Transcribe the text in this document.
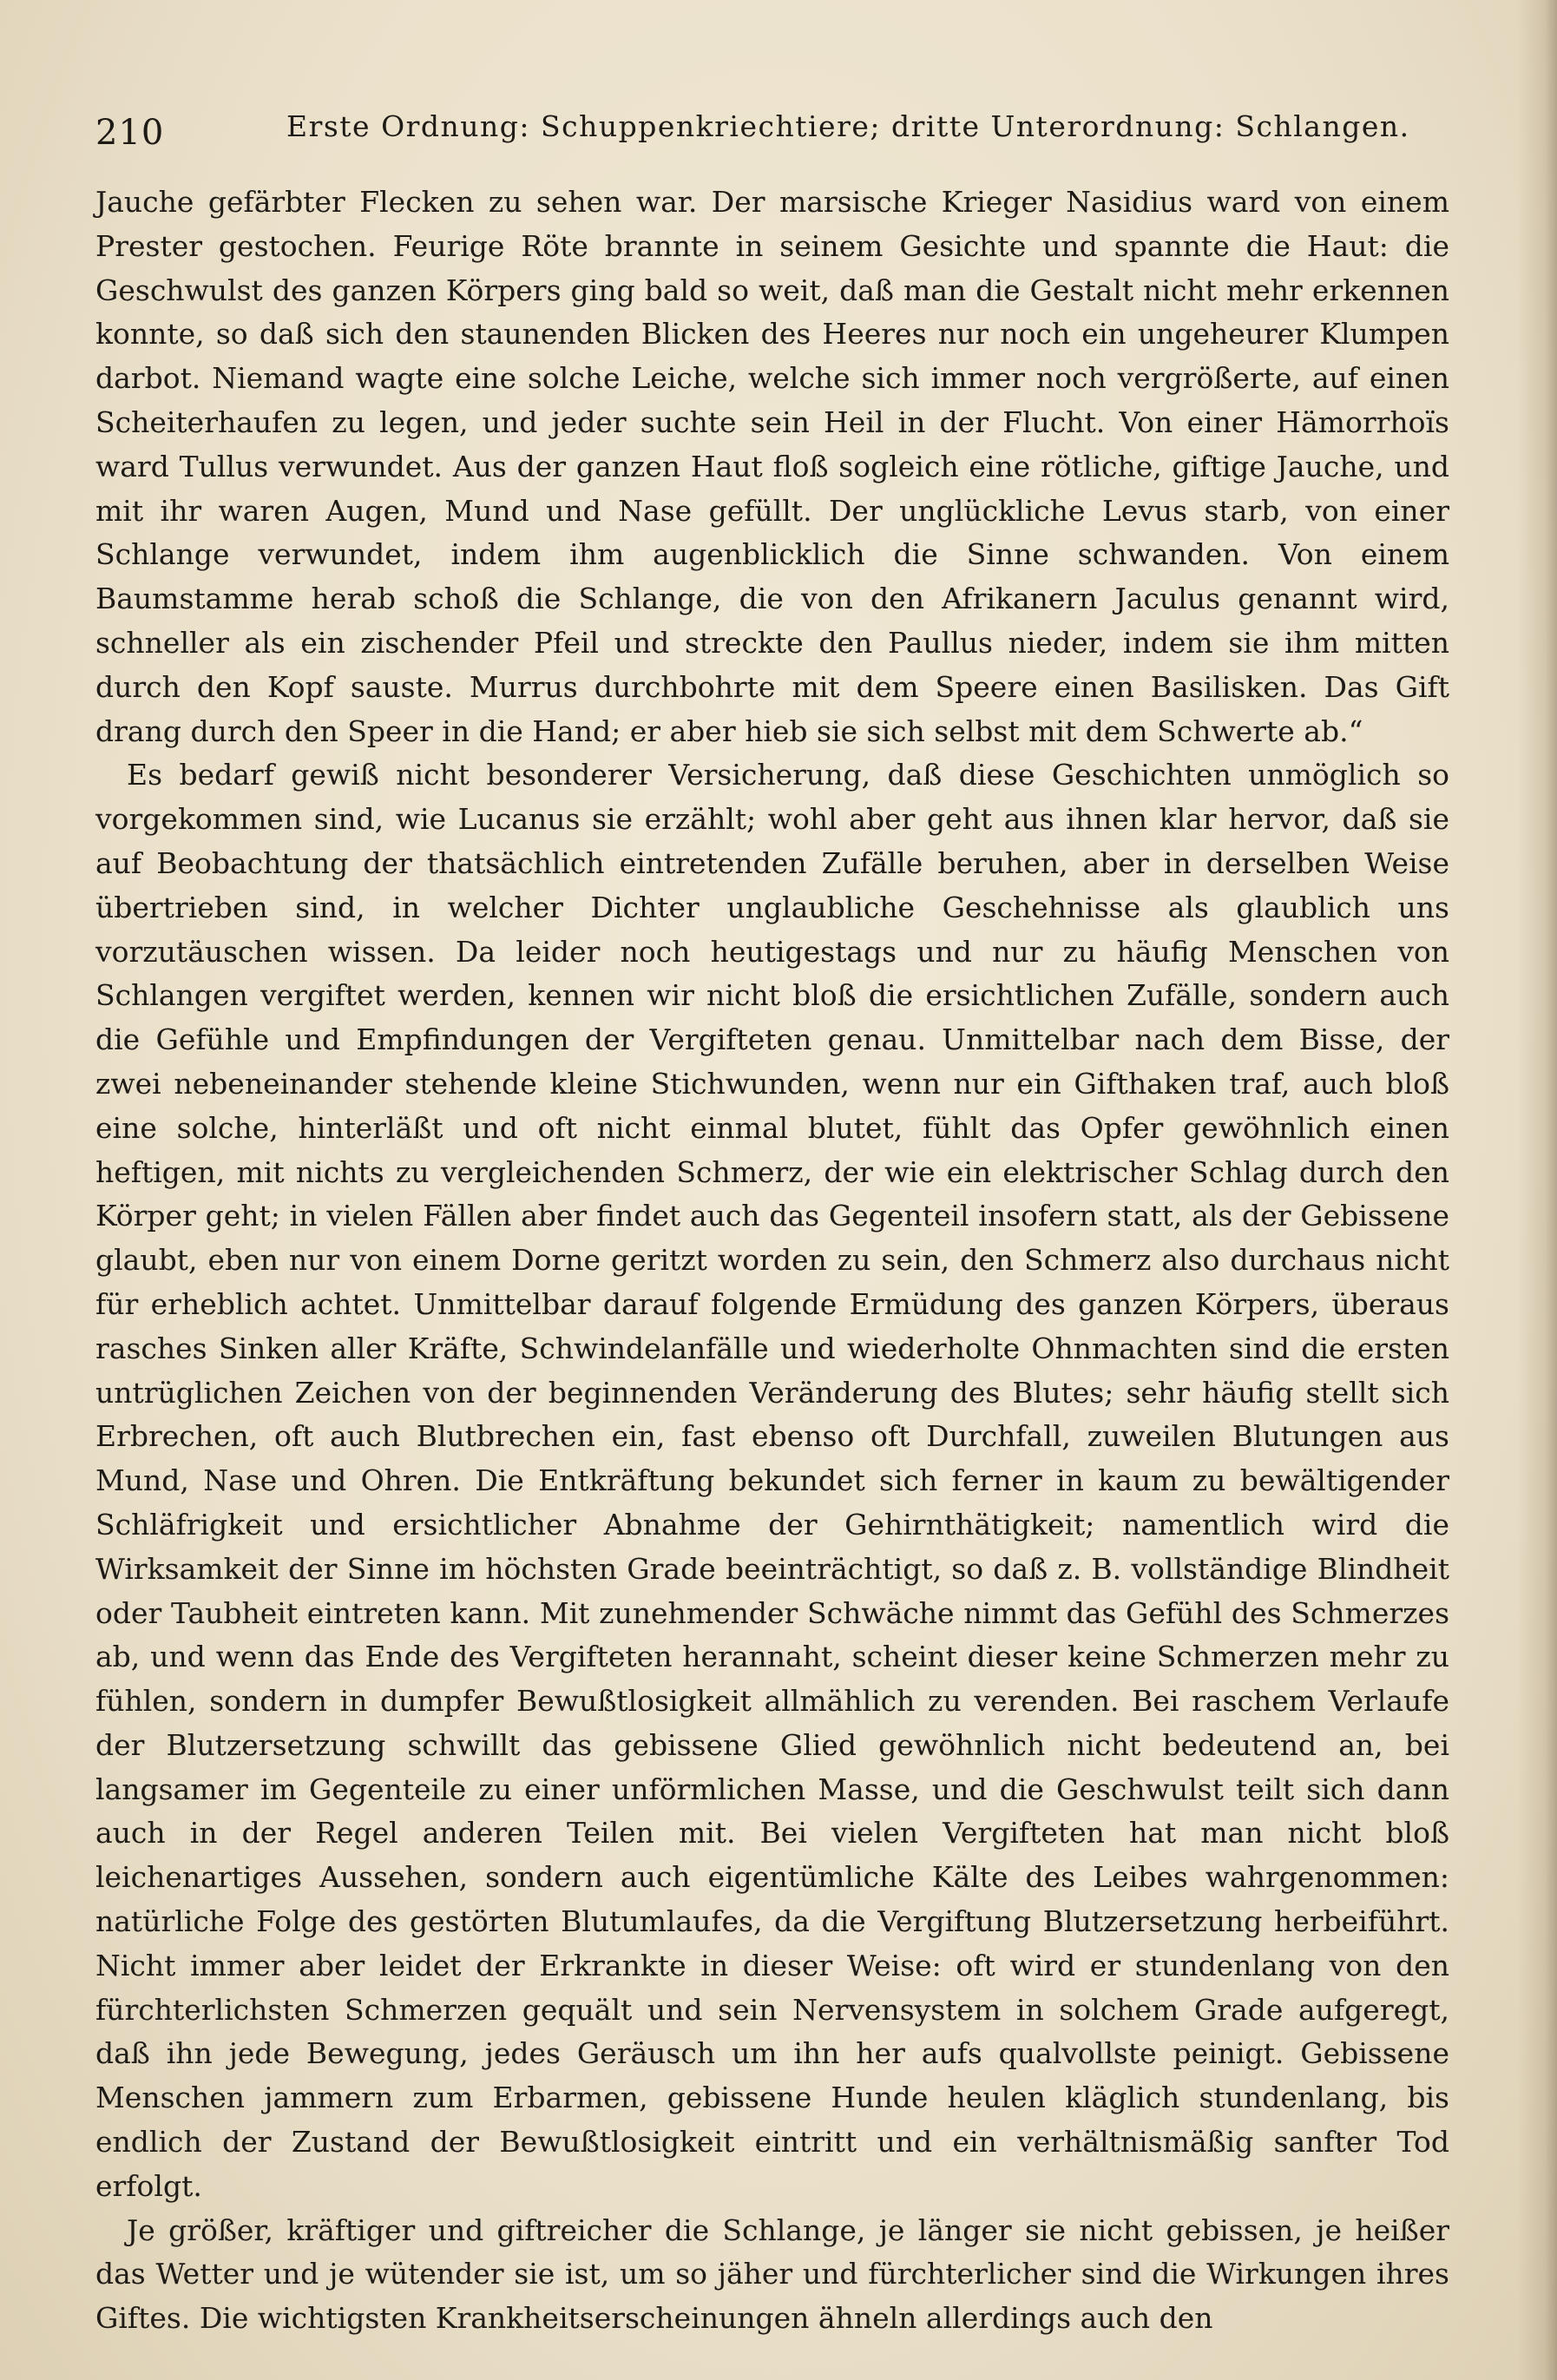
210	Erste Ordnung: Schuppenkriechtiere; dritte Unterordnung: Schlangen.

Jauche gefärbter Flecken zu sehen war. Der marsische Krieger Nasidius ward von einem Prester gestochen. Feurige Röte brannte in seinem Gesichte und spannte die Haut: die Geschwulst des ganzen Körpers ging bald so weit, daß man die Gestalt nicht mehr erkennen konnte, so daß sich den staunenden Blicken des Heeres nur noch ein ungeheurer Klumpen darbot. Niemand wagte eine solche Leiche, welche sich immer noch vergrößerte, auf einen Scheiterhaufen zu legen, und jeder suchte sein Heil in der Flucht. Von einer Hämorrhoïs ward Tullus verwundet. Aus der ganzen Haut floß sogleich eine rötliche, giftige Jauche, und mit ihr waren Augen, Mund und Nase gefüllt. Der unglückliche Levus starb, von einer Schlange verwundet, indem ihm augenblicklich die Sinne schwanden. Von einem Baumstamme herab schoß die Schlange, die von den Afrikanern Jaculus genannt wird, schneller als ein zischender Pfeil und streckte den Paullus nieder, indem sie ihm mitten durch den Kopf sauste. Murrus durchbohrte mit dem Speere einen Basilisken. Das Gift drang durch den Speer in die Hand; er aber hieb sie sich selbst mit dem Schwerte ab.“

Es bedarf gewiß nicht besonderer Versicherung, daß diese Geschichten unmöglich so vorgekommen sind, wie Lucanus sie erzählt; wohl aber geht aus ihnen klar hervor, daß sie auf Beobachtung der thatsächlich eintretenden Zufälle beruhen, aber in derselben Weise übertrieben sind, in welcher Dichter unglaubliche Geschehnisse als glaublich uns vorzutäuschen wissen. Da leider noch heutigestags und nur zu häufig Menschen von Schlangen vergiftet werden, kennen wir nicht bloß die ersichtlichen Zufälle, sondern auch die Gefühle und Empfindungen der Vergifteten genau. Unmittelbar nach dem Bisse, der zwei nebeneinander stehende kleine Stichwunden, wenn nur ein Gifthaken traf, auch bloß eine solche, hinterläßt und oft nicht einmal blutet, fühlt das Opfer gewöhnlich einen heftigen, mit nichts zu vergleichenden Schmerz, der wie ein elektrischer Schlag durch den Körper geht; in vielen Fällen aber findet auch das Gegenteil insofern statt, als der Gebissene glaubt, eben nur von einem Dorne geritzt worden zu sein, den Schmerz also durchaus nicht für erheblich achtet. Unmittelbar darauf folgende Ermüdung des ganzen Körpers, überaus rasches Sinken aller Kräfte, Schwindelanfälle und wiederholte Ohnmachten sind die ersten untrüglichen Zeichen von der beginnenden Veränderung des Blutes; sehr häufig stellt sich Erbrechen, oft auch Blutbrechen ein, fast ebenso oft Durchfall, zuweilen Blutungen aus Mund, Nase und Ohren. Die Entkräftung bekundet sich ferner in kaum zu bewältigender Schläfrigkeit und ersichtlicher Abnahme der Gehirnthätigkeit; namentlich wird die Wirksamkeit der Sinne im höchsten Grade beeinträchtigt, so daß z. B. vollständige Blindheit oder Taubheit eintreten kann. Mit zunehmender Schwäche nimmt das Gefühl des Schmerzes ab, und wenn das Ende des Vergifteten herannaht, scheint dieser keine Schmerzen mehr zu fühlen, sondern in dumpfer Bewußtlosigkeit allmählich zu verenden. Bei raschem Verlaufe der Blutzersetzung schwillt das gebissene Glied gewöhnlich nicht bedeutend an, bei langsamer im Gegenteile zu einer unförmlichen Masse, und die Geschwulst teilt sich dann auch in der Regel anderen Teilen mit. Bei vielen Vergifteten hat man nicht bloß leichenartiges Aussehen, sondern auch eigentümliche Kälte des Leibes wahrgenommen: natürliche Folge des gestörten Blutumlaufes, da die Vergiftung Blutzersetzung herbeiführt. Nicht immer aber leidet der Erkrankte in dieser Weise: oft wird er stundenlang von den fürchterlichsten Schmerzen gequält und sein Nervensystem in solchem Grade aufgeregt, daß ihn jede Bewegung, jedes Geräusch um ihn her aufs qualvollste peinigt. Gebissene Menschen jammern zum Erbarmen, gebissene Hunde heulen kläglich stundenlang, bis endlich der Zustand der Bewußtlosigkeit eintritt und ein verhältnismäßig sanfter Tod erfolgt.

Je größer, kräftiger und giftreicher die Schlange, je länger sie nicht gebissen, je heißer das Wetter und je wütender sie ist, um so jäher und fürchterlicher sind die Wirkungen ihres Giftes. Die wichtigsten Krankheitserscheinungen ähneln allerdings auch den
